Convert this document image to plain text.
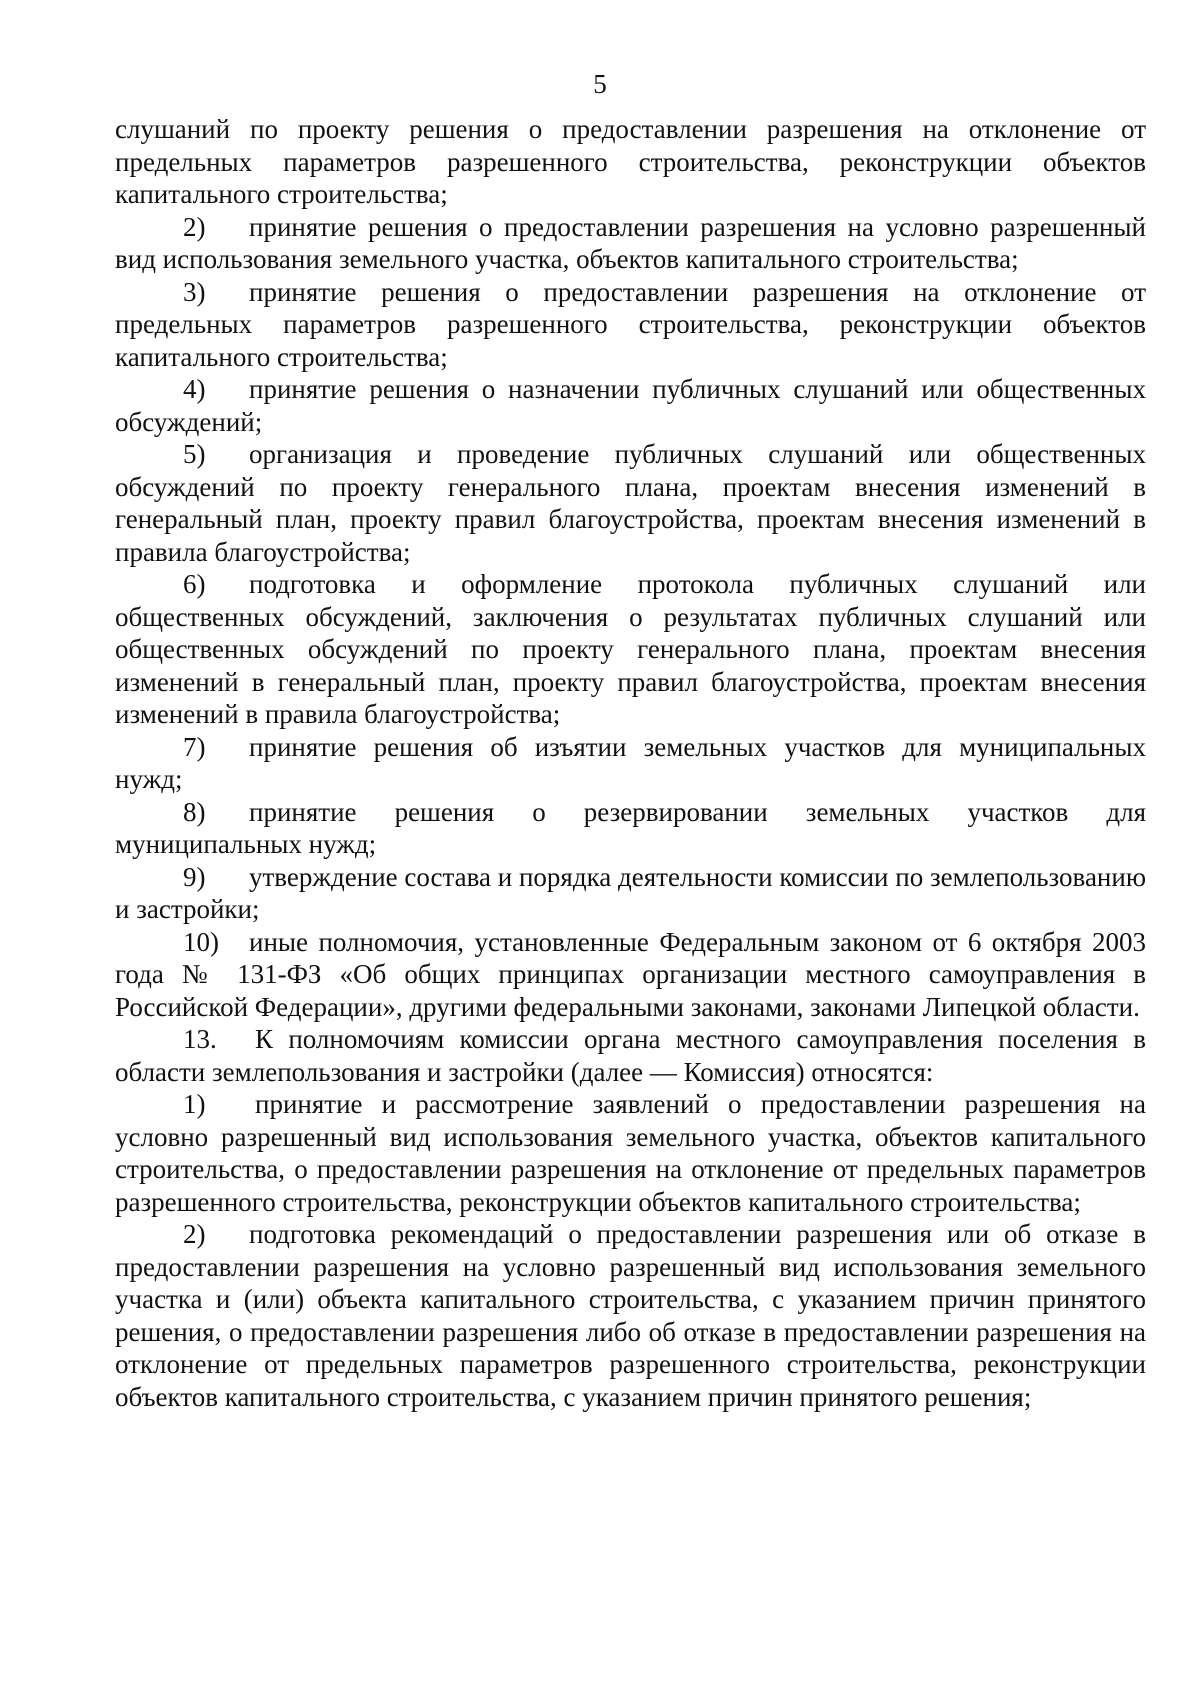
5

слушаний по проекту решения о предоставлении разрешения на отклонение от предельных параметров разрешенного строительства, реконструкции объектов капитального строительства;

2) принятие решения о предоставлении разрешения на условно разрешенный вид использования земельного участка, объектов капитального строительства;

3) принятие решения о предоставлении разрешения на отклонение от предельных параметров разрешенного строительства, реконструкции объектов капитального строительства;

4) принятие решения о назначении публичных слушаний или общественных обсуждений;

5) организация и проведение публичных слушаний или общественных обсуждений по проекту генерального плана, проектам внесения изменений в генеральный план, проекту правил благоустройства, проектам внесения изменений в правила благоустройства;

6) подготовка и оформление протокола публичных слушаний или общественных обсуждений, заключения о результатах публичных слушаний или общественных обсуждений по проекту генерального плана, проектам внесения изменений в генеральный план, проекту правил благоустройства, проектам внесения изменений в правила благоустройства;

7) принятие решения об изъятии земельных участков для муниципальных нужд;

8) принятие решения о резервировании земельных участков для муниципальных нужд;

9) утверждение состава и порядка деятельности комиссии по землепользованию и застройки;

10) иные полномочия, установленные Федеральным законом от 6 октября 2003 года № 131-ФЗ «Об общих принципах организации местного самоуправления в Российской Федерации», другими федеральными законами, законами Липецкой области.

13. К полномочиям комиссии органа местного самоуправления поселения в области землепользования и застройки (далее — Комиссия) относятся:

1) принятие и рассмотрение заявлений о предоставлении разрешения на условно разрешенный вид использования земельного участка, объектов капитального строительства, о предоставлении разрешения на отклонение от предельных параметров разрешенного строительства, реконструкции объектов капитального строительства;

2) подготовка рекомендаций о предоставлении разрешения или об отказе в предоставлении разрешения на условно разрешенный вид использования земельного участка и (или) объекта капитального строительства, с указанием причин принятого решения, о предоставлении разрешения либо об отказе в предоставлении разрешения на отклонение от предельных параметров разрешенного строительства, реконструкции объектов капитального строительства, с указанием причин принятого решения;
